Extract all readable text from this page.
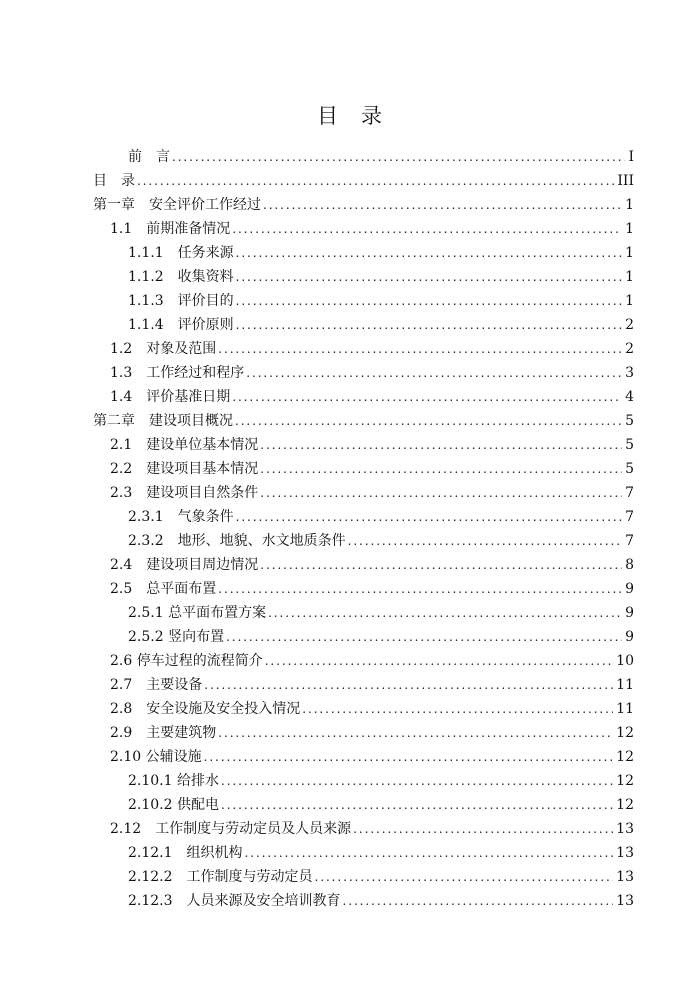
目　录
前　言 .....	I
目　录 .....	III
第一章　安全评价工作经过 .....	1
1.1　前期准备情况 .....	1
1.1.1　任务来源 .....	1
1.1.2　收集资料 .....	1
1.1.3　评价目的 .....	1
1.1.4　评价原则 .....	2
1.2　对象及范围 .....	2
1.3　工作经过和程序 .....	3
1.4　评价基准日期 .....	4
第二章　建设项目概况 .....	5
2.1　建设单位基本情况 .....	5
2.2　建设项目基本情况 .....	5
2.3　建设项目自然条件 .....	7
2.3.1　气象条件 .....	7
2.3.2　地形、地貌、水文地质条件 .....	7
2.4　建设项目周边情况 .....	8
2.5　总平面布置 .....	9
2.5.1 总平面布置方案 .....	9
2.5.2 竖向布置 .....	9
2.6 停车过程的流程简介 .....	10
2.7　主要设备 .....	11
2.8　安全设施及安全投入情况 .....	11
2.9　主要建筑物 .....	12
2.10 公辅设施 .....	12
2.10.1 给排水 .....	12
2.10.2 供配电 .....	12
2.12　工作制度与劳动定员及人员来源 .....	13
2.12.1　组织机构 .....	13
2.12.2　工作制度与劳动定员 .....	13
2.12.3　人员来源及安全培训教育 .....	13
